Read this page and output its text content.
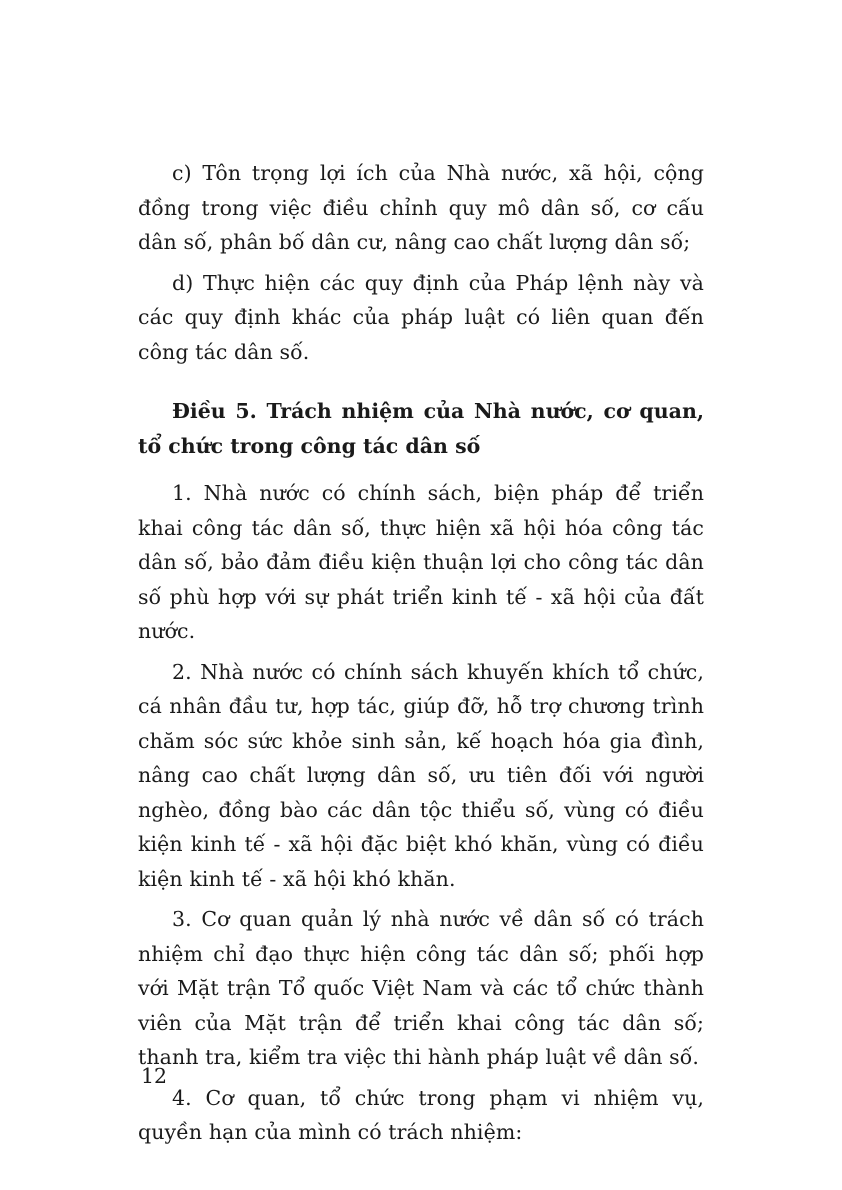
c) Tôn trọng lợi ích của Nhà nước, xã hội, cộng đồng trong việc điều chỉnh quy mô dân số, cơ cấu dân số, phân bố dân cư, nâng cao chất lượng dân số;

d) Thực hiện các quy định của Pháp lệnh này và các quy định khác của pháp luật có liên quan đến công tác dân số.

Điều 5. Trách nhiệm của Nhà nước, cơ quan, tổ chức trong công tác dân số

1. Nhà nước có chính sách, biện pháp để triển khai công tác dân số, thực hiện xã hội hóa công tác dân số, bảo đảm điều kiện thuận lợi cho công tác dân số phù hợp với sự phát triển kinh tế - xã hội của đất nước.

2. Nhà nước có chính sách khuyến khích tổ chức, cá nhân đầu tư, hợp tác, giúp đỡ, hỗ trợ chương trình chăm sóc sức khỏe sinh sản, kế hoạch hóa gia đình, nâng cao chất lượng dân số, ưu tiên đối với người nghèo, đồng bào các dân tộc thiểu số, vùng có điều kiện kinh tế - xã hội đặc biệt khó khăn, vùng có điều kiện kinh tế - xã hội khó khăn.

3. Cơ quan quản lý nhà nước về dân số có trách nhiệm chỉ đạo thực hiện công tác dân số; phối hợp với Mặt trận Tổ quốc Việt Nam và các tổ chức thành viên của Mặt trận để triển khai công tác dân số; thanh tra, kiểm tra việc thi hành pháp luật về dân số.

4. Cơ quan, tổ chức trong phạm vi nhiệm vụ, quyền hạn của mình có trách nhiệm:

12
